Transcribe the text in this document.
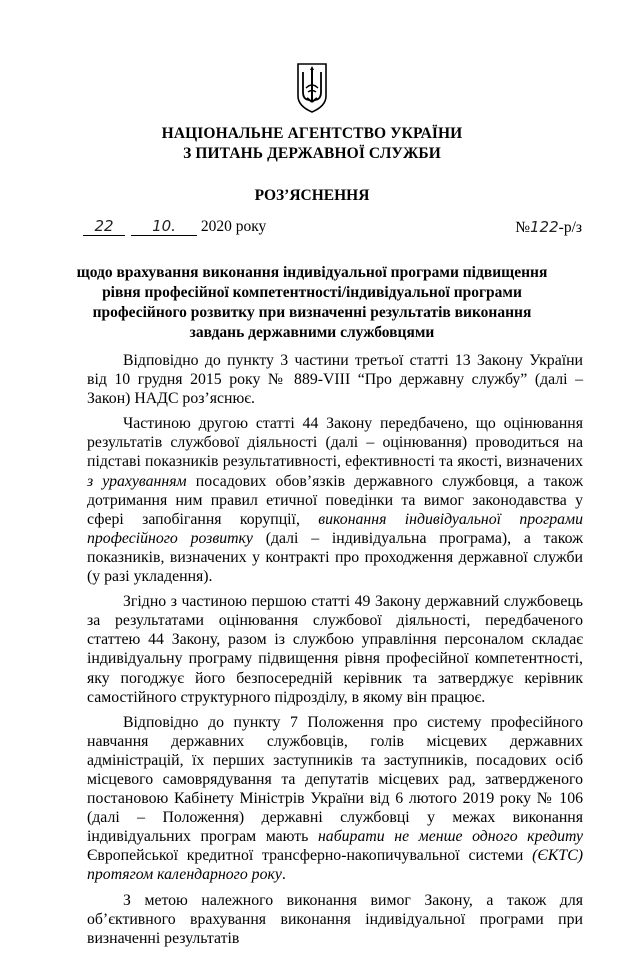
НАЦІОНАЛЬНЕ АГЕНТСТВО УКРАЇНИ
З ПИТАНЬ ДЕРЖАВНОЇ СЛУЖБИ
РОЗ’ЯСНЕННЯ
22	10. 2020 року	№122-р/з
щодо врахування виконання індивідуальної програми підвищення рівня професійної компетентності/індивідуальної програми професійного розвитку при визначенні результатів виконання завдань державними службовцями

Відповідно до пункту 3 частини третьої статті 13 Закону України від 10 грудня 2015 року № 889-VIII “Про державну службу” (далі – Закон) НАДС роз’яснює.

Частиною другою статті 44 Закону передбачено, що оцінювання результатів службової діяльності (далі – оцінювання) проводиться на підставі показників результативності, ефективності та якості, визначених з урахуванням посадових обов’язків державного службовця, а також дотримання ним правил етичної поведінки та вимог законодавства у сфері запобігання корупції, виконання індивідуальної програми професійного розвитку (далі – індивідуальна програма), а також показників, визначених у контракті про проходження державної служби (у разі укладення).

Згідно з частиною першою статті 49 Закону державний службовець за результатами оцінювання службової діяльності, передбаченого статтею 44 Закону, разом із службою управління персоналом складає індивідуальну програму підвищення рівня професійної компетентності, яку погоджує його безпосередній керівник та затверджує керівник самостійного структурного підрозділу, в якому він працює.

Відповідно до пункту 7 Положення про систему професійного навчання державних службовців, голів місцевих державних адміністрацій, їх перших заступників та заступників, посадових осіб місцевого самоврядування та депутатів місцевих рад, затвердженого постановою Кабінету Міністрів України від 6 лютого 2019 року № 106 (далі – Положення) державні службовці у межах виконання індивідуальних програм мають набирати не менше одного кредиту Європейської кредитної трансферно-накопичувальної системи (ЄКТС) протягом календарного року.

З метою належного виконання вимог Закону, а також для об’єктивного врахування виконання індивідуальної програми при визначенні результатів
